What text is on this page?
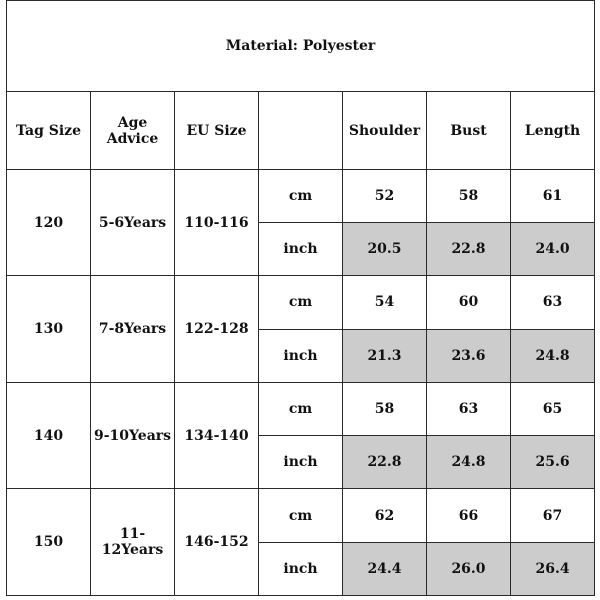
Material: Polyester						
Tag Size	Age Advice	EU Size		Shoulder	Bust	Length
120	5-6Years	110-116	cm	52	58	61
			inch	20.5	22.8	24.0
130	7-8Years	122-128	cm	54	60	63
			inch	21.3	23.6	24.8
140	9-10Years	134-140	cm	58	63	65
			inch	22.8	24.8	25.6
150	11-12Years	146-152	cm	62	66	67
			inch	24.4	26.0	26.4
